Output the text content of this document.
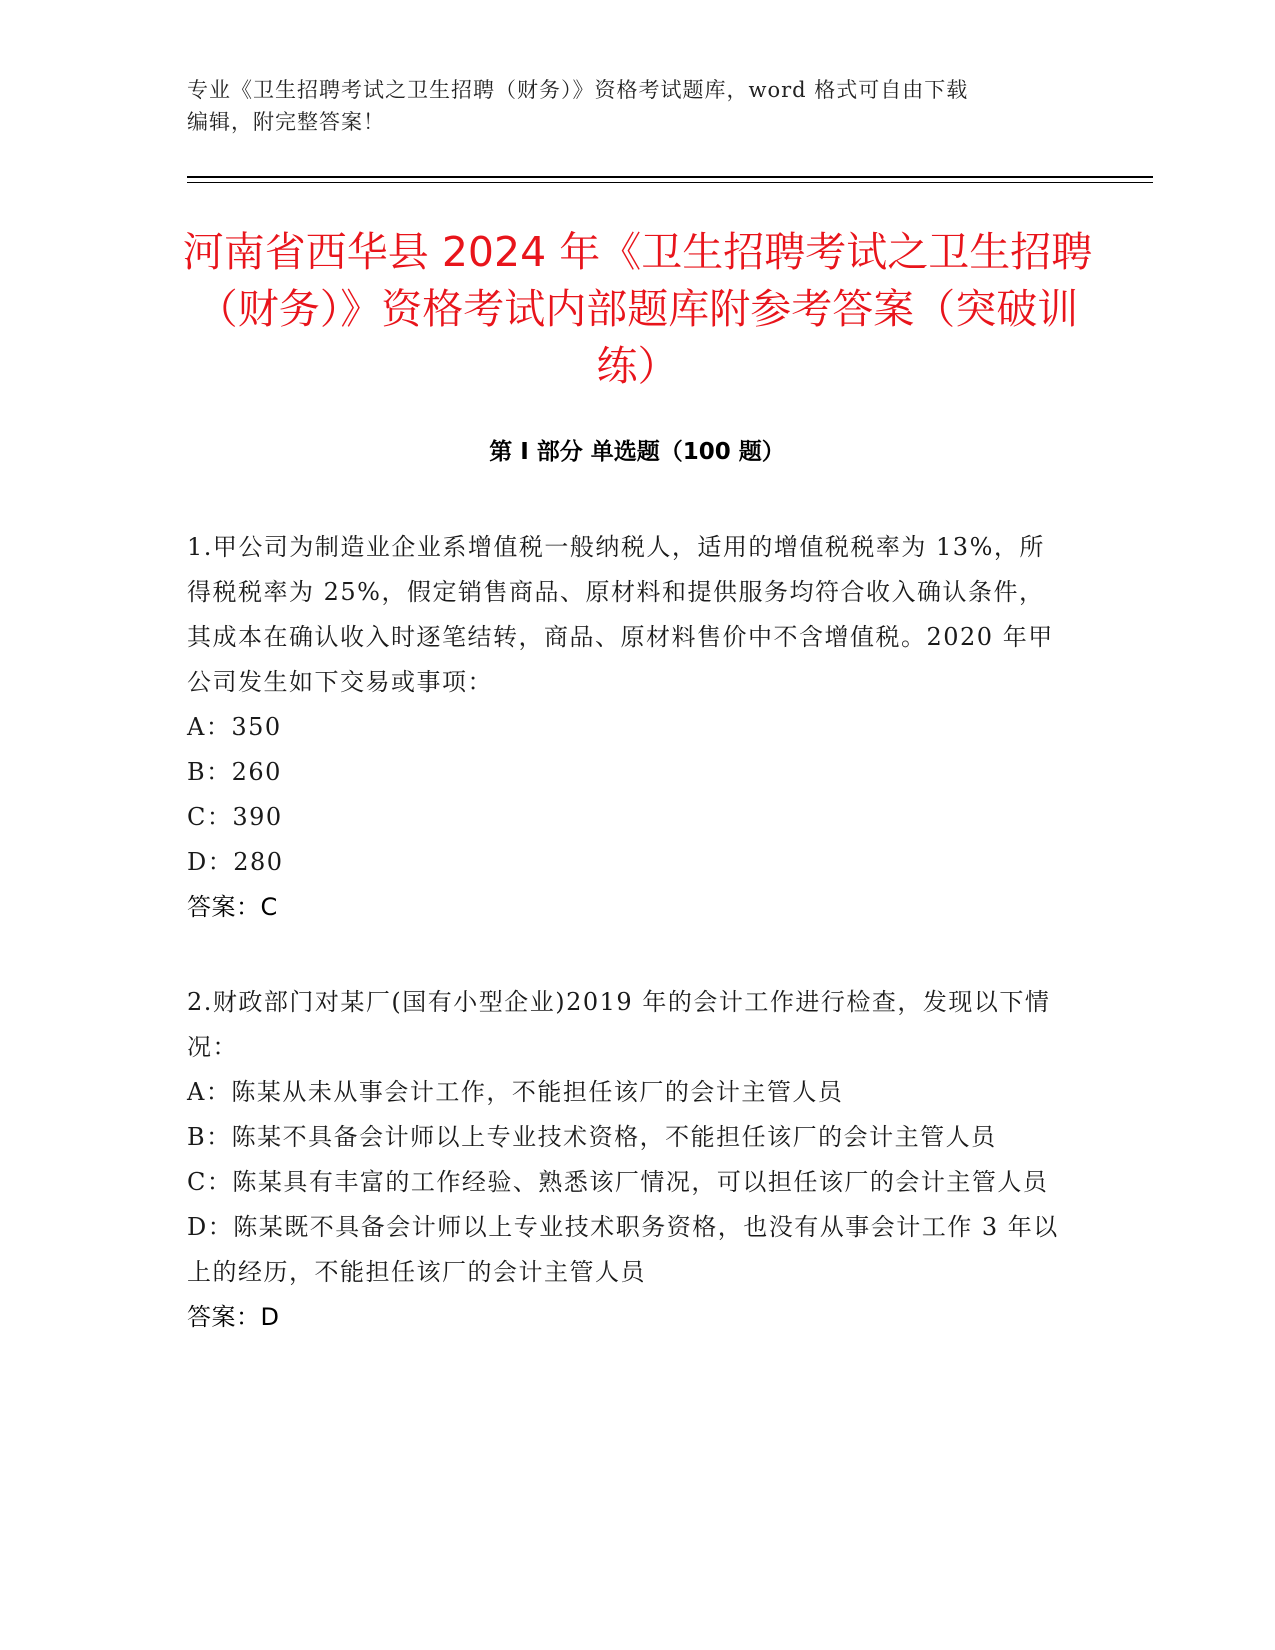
专业《卫生招聘考试之卫生招聘（财务）》资格考试题库，word 格式可自由下载
编辑，附完整答案！
河南省西华县 2024 年《卫生招聘考试之卫生招聘（财务）》资格考试内部题库附参考答案（突破训练）
第 I 部分 单选题（100 题）

1.甲公司为制造业企业系增值税一般纳税人，适用的增值税税率为 13%，所得税税率为 25%，假定销售商品、原材料和提供服务均符合收入确认条件，其成本在确认收入时逐笔结转，商品、原材料售价中不含增值税。2020 年甲公司发生如下交易或事项：

A：350

B：260

C：390

D：280

答案：C

2.财政部门对某厂(国有小型企业)2019 年的会计工作进行检查，发现以下情况：

A：陈某从未从事会计工作，不能担任该厂的会计主管人员

B：陈某不具备会计师以上专业技术资格，不能担任该厂的会计主管人员

C：陈某具有丰富的工作经验、熟悉该厂情况，可以担任该厂的会计主管人员

D：陈某既不具备会计师以上专业技术职务资格，也没有从事会计工作 3 年以上的经历，不能担任该厂的会计主管人员

答案：D
